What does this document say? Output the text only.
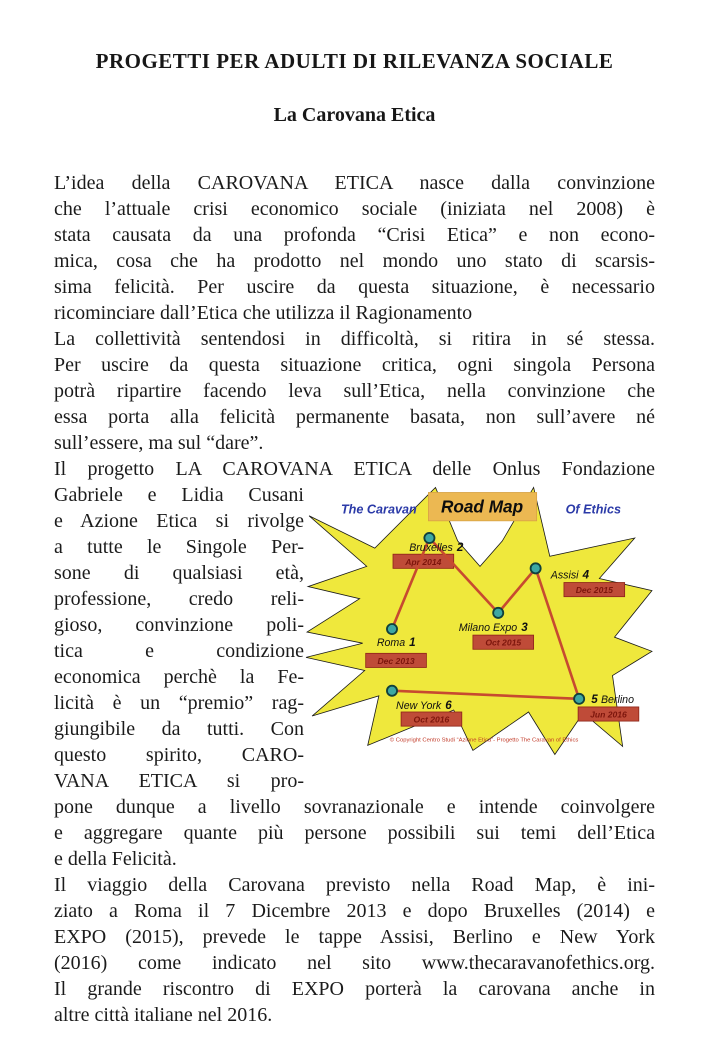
PROGETTI PER ADULTI DI RILEVANZA SOCIALE
La Carovana Etica
L’idea della CAROVANA ETICA nasce dalla convinzione
che l’attuale crisi economico sociale (iniziata nel 2008) è
stata causata da una profonda “Crisi Etica” e non econo-
mica, cosa che ha prodotto nel mondo uno stato di scarsis-
sima felicità. Per uscire da questa situazione, è necessario
ricominciare dall’Etica che utilizza il Ragionamento
La collettività sentendosi in difficoltà, si ritira in sé stessa.
Per uscire da questa situazione critica, ogni singola Persona
potrà ripartire facendo leva sull’Etica, nella convinzione che
essa porta alla felicità permanente basata, non sull’avere né
sull’essere, ma sul “dare”.
Il progetto LA CAROVANA ETICA delle Onlus Fondazione
Gabriele e Lidia Cusani
e Azione Etica si rivolge
a tutte le Singole Per-
sone di qualsiasi età,
professione, credo reli-
gioso, convinzione poli-
tica e condizione
economica perchè la Fe-
licità è un “premio” rag-
giungibile da tutti. Con
questo spirito, CARO-
VANA ETICA si pro-
Dec 2013
Roma 1
Apr 2014
Bruxelles 2
Oct 2015
Milano Expo 3
Dec 2015
Assisi 4
Jun 2016
5 Berlino
Oct 2016
New York 6
The Caravan Road Map	Of Ethics
© Copyright Centro Studi “Azione Etica”- Progetto The Caravan of Ethics
pone dunque a livello sovranazionale e intende coinvolgere
e aggregare quante più persone possibili sui temi dell’Etica
e della Felicità.
Il viaggio della Carovana previsto nella Road Map, è ini-
ziato a Roma il 7 Dicembre 2013 e dopo Bruxelles (2014) e
EXPO (2015), prevede le tappe Assisi, Berlino e New York
(2016) come indicato nel sito www.thecaravanofethics.org.
Il grande riscontro di EXPO porterà la carovana anche in
altre città italiane nel 2016.
